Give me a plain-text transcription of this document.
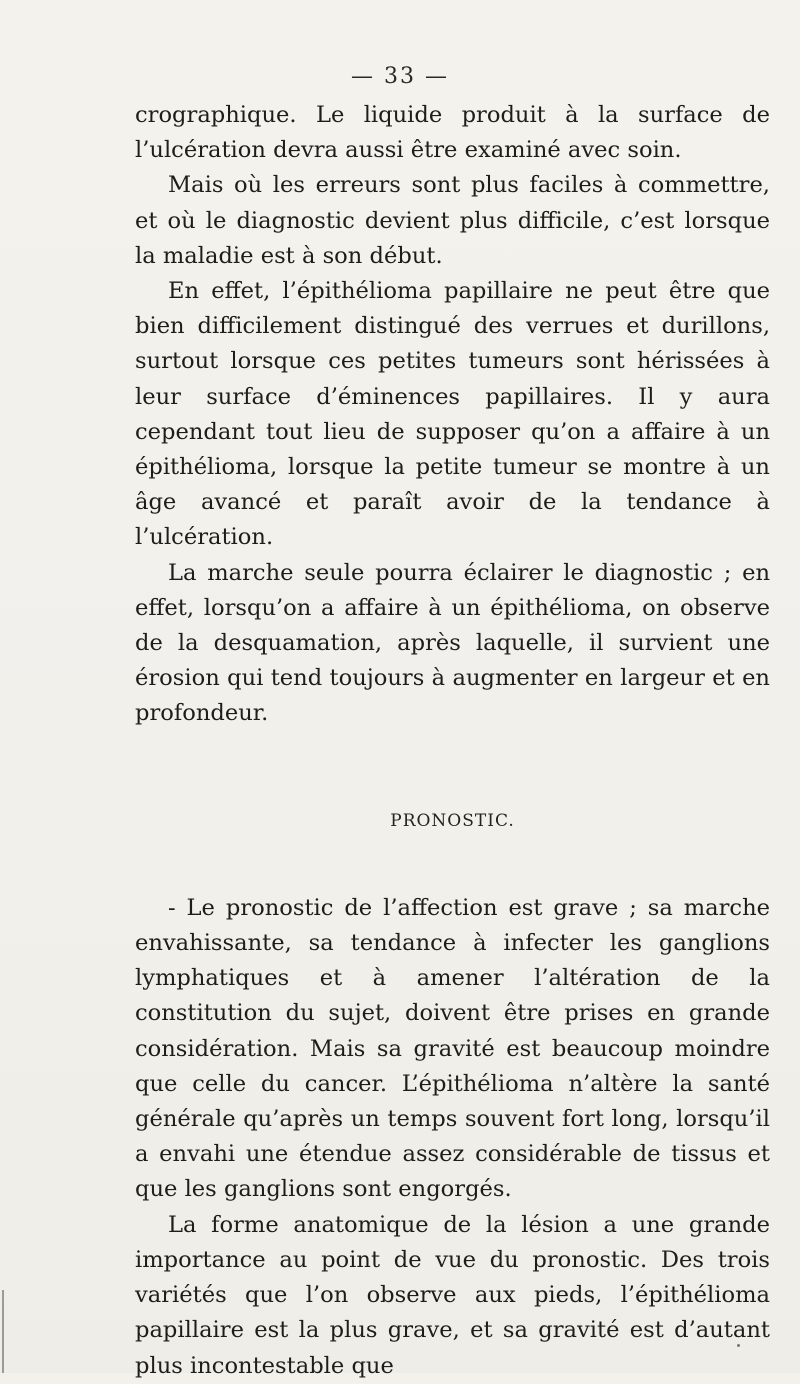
— 33 —

crographique. Le liquide produit à la surface de l’ulcération devra aussi être examiné avec soin.

Mais où les erreurs sont plus faciles à commettre, et où le diagnostic devient plus difficile, c’est lorsque la maladie est à son début.

En effet, l’épithélioma papillaire ne peut être que bien difficilement distingué des verrues et durillons, surtout lorsque ces petites tumeurs sont hérissées à leur surface d’éminences papillaires. Il y aura cependant tout lieu de supposer qu’on a affaire à un épithélioma, lorsque la petite tumeur se montre à un âge avancé et paraît avoir de la tendance à l’ulcération.

La marche seule pourra éclairer le diagnostic ; en effet, lorsqu’on a affaire à un épithélioma, on observe de la desquamation, après laquelle, il survient une érosion qui tend toujours à augmenter en largeur et en profondeur.

PRONOSTIC.

- Le pronostic de l’affection est grave ; sa marche envahissante, sa tendance à infecter les ganglions lymphatiques et à amener l’altération de la constitution du sujet, doivent être prises en grande considération. Mais sa gravité est beaucoup moindre que celle du cancer. L’épithélioma n’altère la santé générale qu’après un temps souvent fort long, lorsqu’il a envahi une étendue assez considérable de tissus et que les ganglions sont engorgés.

La forme anatomique de la lésion a une grande importance au point de vue du pronostic. Des trois variétés que l’on observe aux pieds, l’épithélioma papillaire est la plus grave, et sa gravité est d’autant plus incontestable que
